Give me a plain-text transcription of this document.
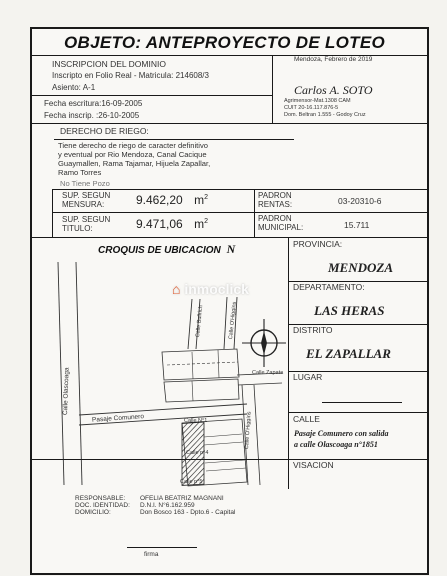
OBJETO: ANTEPROYECTO DE LOTEO
INSCRIPCION DEL DOMINIO
Inscripto en Folio Real - Matricula: 214608/3
Asiento: A-1
Fecha escritura:16-09-2005
Fecha inscrip. :26-10-2005
Mendoza, Febrero de 2019
Carlos A. SOTO
Agrimensor-Mat.1308 CAM
CUIT 20-16.117.876-5
Dom. Beltran 1.555 - Godoy Cruz
DERECHO DE RIEGO:
Tiene derecho de riego de caracter definitivo
y eventual por Rio Mendoza, Canal Cacique
Guaymallen, Rama Tajamar, Hijuela Zapallar,
Ramo Torres
No Tiene Pozo
SUP. SEGUN
MENSURA:	9.462,20 $m^2$
SUP. SEGUN
TITULO:	9.471,06 $m^2$
PADRON
RENTAS:	03-20310-6
PADRON
MUNICIPAL:	15.711
CROQUIS DE UBICACION N
Calle Olascoaga
Pasaje Comunero
Calle Bullrich	Calle O'Higgins
Calle Zapata
Calle O'Higgins
Calle N°1
Calle n°4
Calle n°5
⌂ inmoclick
PROVINCIA:
MENDOZA
DEPARTAMENTO:
LAS HERAS
DISTRITO
EL ZAPALLAR
LUGAR
CALLE
Pasaje Comunero con salida
a calle Olascoaga n°1851
VISACION
RESPONSABLE: OFELIA BEATRIZ MAGNANI
DOC. IDENTIDAD: D.N.I. N°6.162.959
DOMICILIO:	Don Bosco 163 - Dpto.6 - Capital
firma
